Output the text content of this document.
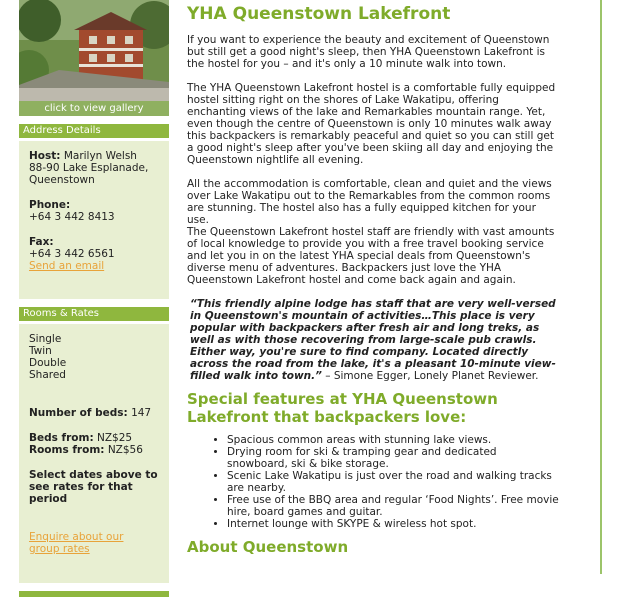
click to view gallery
Address Details
Host: Marilyn Welsh
88-90 Lake Esplanade,
Queenstown
Phone:
+64 3 442 8413
Fax:
+64 3 442 6561
Send an email
Rooms & Rates
Single
Twin
Double
Shared
Number of beds: 147
Beds from: NZ$25
Rooms from: NZ$56
Select dates above to see rates for that period
Enquire about our group rates
YHA Queenstown Lakefront

If you want to experience the beauty and excitement of Queenstown but still get a good night's sleep, then YHA Queenstown Lakefront is the hostel for you – and it's only a 10 minute walk into town.

The YHA Queenstown Lakefront hostel is a comfortable fully equipped hostel sitting right on the shores of Lake Wakatipu, offering enchanting views of the lake and Remarkables mountain range. Yet, even though the centre of Queenstown is only 10 minutes walk away this backpackers is remarkably peaceful and quiet so you can still get a good night's sleep after you've been skiing all day and enjoying the Queenstown nightlife all evening.

All the accommodation is comfortable, clean and quiet and the views over Lake Wakatipu out to the Remarkables from the common rooms are stunning. The hostel also has a fully equipped kitchen for your use.

The Queenstown Lakefront hostel staff are friendly with vast amounts of local knowledge to provide you with a free travel booking service and let you in on the latest YHA special deals from Queenstown's diverse menu of adventures. Backpackers just love the YHA Queenstown Lakefront hostel and come back again and again.

“This friendly alpine lodge has staff that are very well-versed in Queenstown's mountain of activities…This place is very popular with backpackers after fresh air and long treks, as well as with those recovering from large-scale pub crawls. Either way, you're sure to find company. Located directly across the road from the lake, it's a pleasant 10-minute view-filled walk into town.” – Simone Egger, Lonely Planet Reviewer.

Special features at YHA Queenstown Lakefront that backpackers love:
• Spacious common areas with stunning lake views.
• Drying room for ski & tramping gear and dedicated snowboard, ski & bike storage.
• Scenic Lake Wakatipu is just over the road and walking tracks are nearby.
• Free use of the BBQ area and regular ‘Food Nights’. Free movie hire, board games and guitar.
• Internet lounge with SKYPE & wireless hot spot.
About Queenstown
